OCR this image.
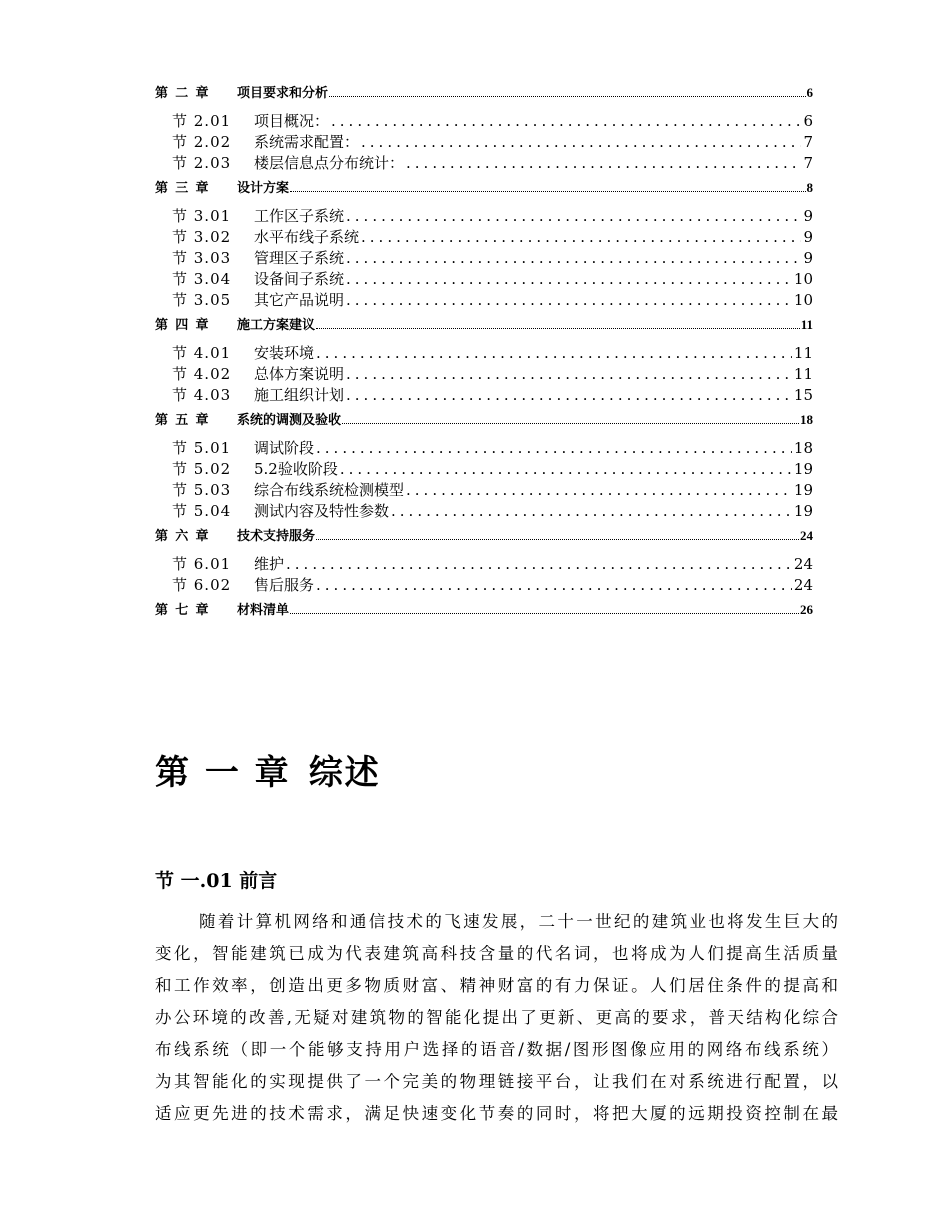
第 二 章	项目要求和分析	6
节 2.01	项目概况： .....	6
节 2.02	系统需求配置： .....	7
节 2.03	楼层信息点分布统计： .....	7
第 三 章	设计方案	8
节 3.01	工作区子系统 .....	9
节 3.02	水平布线子系统 .....	9
节 3.03	管理区子系统 .....	9
节 3.04	设备间子系统 .....	10
节 3.05	其它产品说明 .....	10
第 四 章	施工方案建议	11
节 4.01	安装环境 .....	11
节 4.02	总体方案说明 .....	11
节 4.03	施工组织计划 .....	15
第 五 章	系统的调测及验收	18
节 5.01	调试阶段 .....	18
节 5.02	5.2验收阶段 .....	19
节 5.03	综合布线系统检测模型 .....	19
节 5.04	测试内容及特性参数 .....	19
第 六 章	技术支持服务	24
节 6.01	维护 .....	24
节 6.02	售后服务 .....	24
第 七 章	材料清单	26
第 一 章 综述
节 一.01 前言
随着计算机网络和通信技术的飞速发展，二十一世纪的建筑业也将发生巨大的
变化，智能建筑已成为代表建筑高科技含量的代名词，也将成为人们提高生活质量
和工作效率，创造出更多物质财富、精神财富的有力保证。人们居住条件的提高和
办公环境的改善,无疑对建筑物的智能化提出了更新、更高的要求，普天结构化综合
布线系统（即一个能够支持用户选择的语音/数据/图形图像应用的网络布线系统）
为其智能化的实现提供了一个完美的物理链接平台，让我们在对系统进行配置，以
适应更先进的技术需求，满足快速变化节奏的同时，将把大厦的远期投资控制在最
